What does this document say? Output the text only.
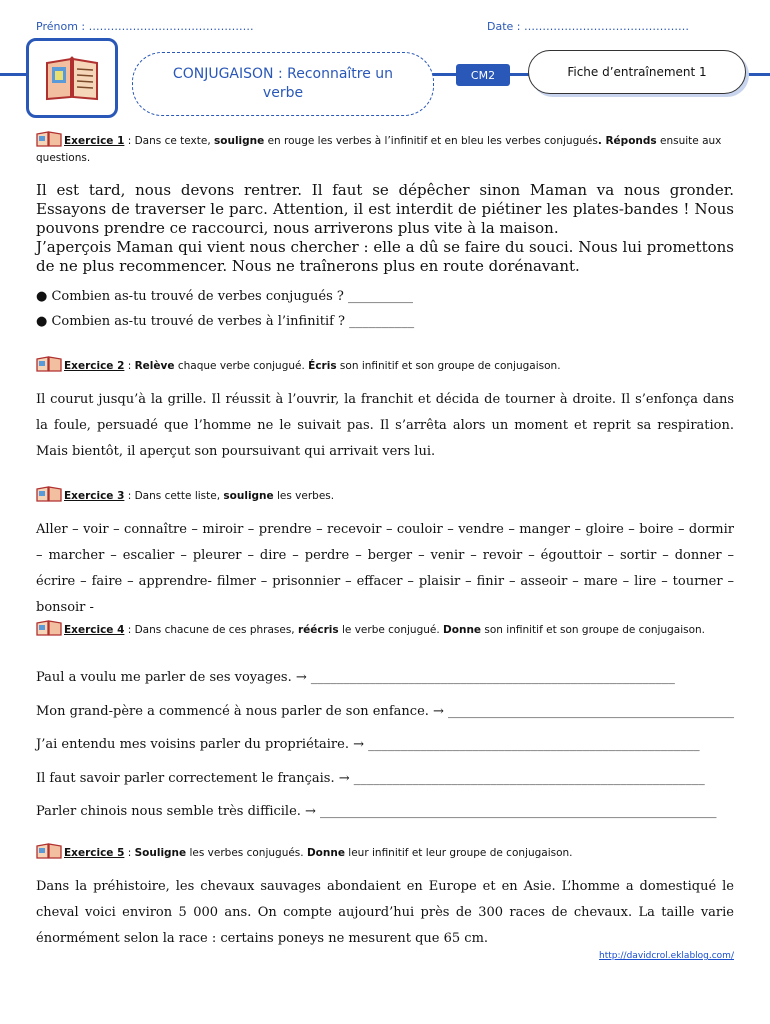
Prénom : ………………………………………	Date : ………………………………………
CONJUGAISON : Reconnaître un verbe
CM2	Fiche d’entraînement 1
Exercice 1 : Dans ce texte, souligne en rouge les verbes à l’infinitif et en bleu les verbes conjugués. Réponds ensuite aux questions.
Il est tard, nous devons rentrer. Il faut se dépêcher sinon Maman va nous gronder. Essayons de traverser le parc. Attention, il est interdit de piétiner les plates-bandes ! Nous pouvons prendre ce raccourci, nous arriverons plus vite à la maison.
J’aperçois Maman qui vient nous chercher : elle a dû se faire du souci. Nous lui promettons de ne plus recommencer. Nous ne traînerons plus en route dorénavant.
● Combien as-tu trouvé de verbes conjugués ? __________
● Combien as-tu trouvé de verbes à l’infinitif ? __________
Exercice 2 : Relève chaque verbe conjugué. Écris son infinitif et son groupe de conjugaison.
Il courut jusqu’à la grille. Il réussit à l’ouvrir, la franchit et décida de tourner à droite. Il s’enfonça dans la foule, persuadé que l’homme ne le suivait pas. Il s’arrêta alors un moment et reprit sa respiration. Mais bientôt, il aperçut son poursuivant qui arrivait vers lui.
Exercice 3 : Dans cette liste, souligne les verbes.
Aller – voir – connaître – miroir – prendre – recevoir – couloir – vendre – manger – gloire – boire – dormir – marcher – escalier – pleurer – dire – perdre – berger – venir – revoir – égouttoir – sortir – donner – écrire – faire – apprendre- filmer – prisonnier – effacer – plaisir – finir – asseoir – mare – lire – tourner – bonsoir -
Exercice 4 : Dans chacune de ces phrases, réécris le verbe conjugué. Donne son infinitif et son groupe de conjugaison.
Paul a voulu me parler de ses voyages. → ________________________________________________________
Mon grand-père a commencé à nous parler de son enfance. → ____________________________________________
J’ai entendu mes voisins parler du propriétaire. → ___________________________________________________
Il faut savoir parler correctement le français. → ______________________________________________________
Parler chinois nous semble très difficile. → _____________________________________________________________
Exercice 5 : Souligne les verbes conjugués. Donne leur infinitif et leur groupe de conjugaison.
Dans la préhistoire, les chevaux sauvages abondaient en Europe et en Asie. L’homme a domestiqué le cheval voici environ 5 000 ans. On compte aujourd’hui près de 300 races de chevaux. La taille varie énormément selon la race : certains poneys ne mesurent que 65 cm.
http://davidcrol.eklablog.com/
